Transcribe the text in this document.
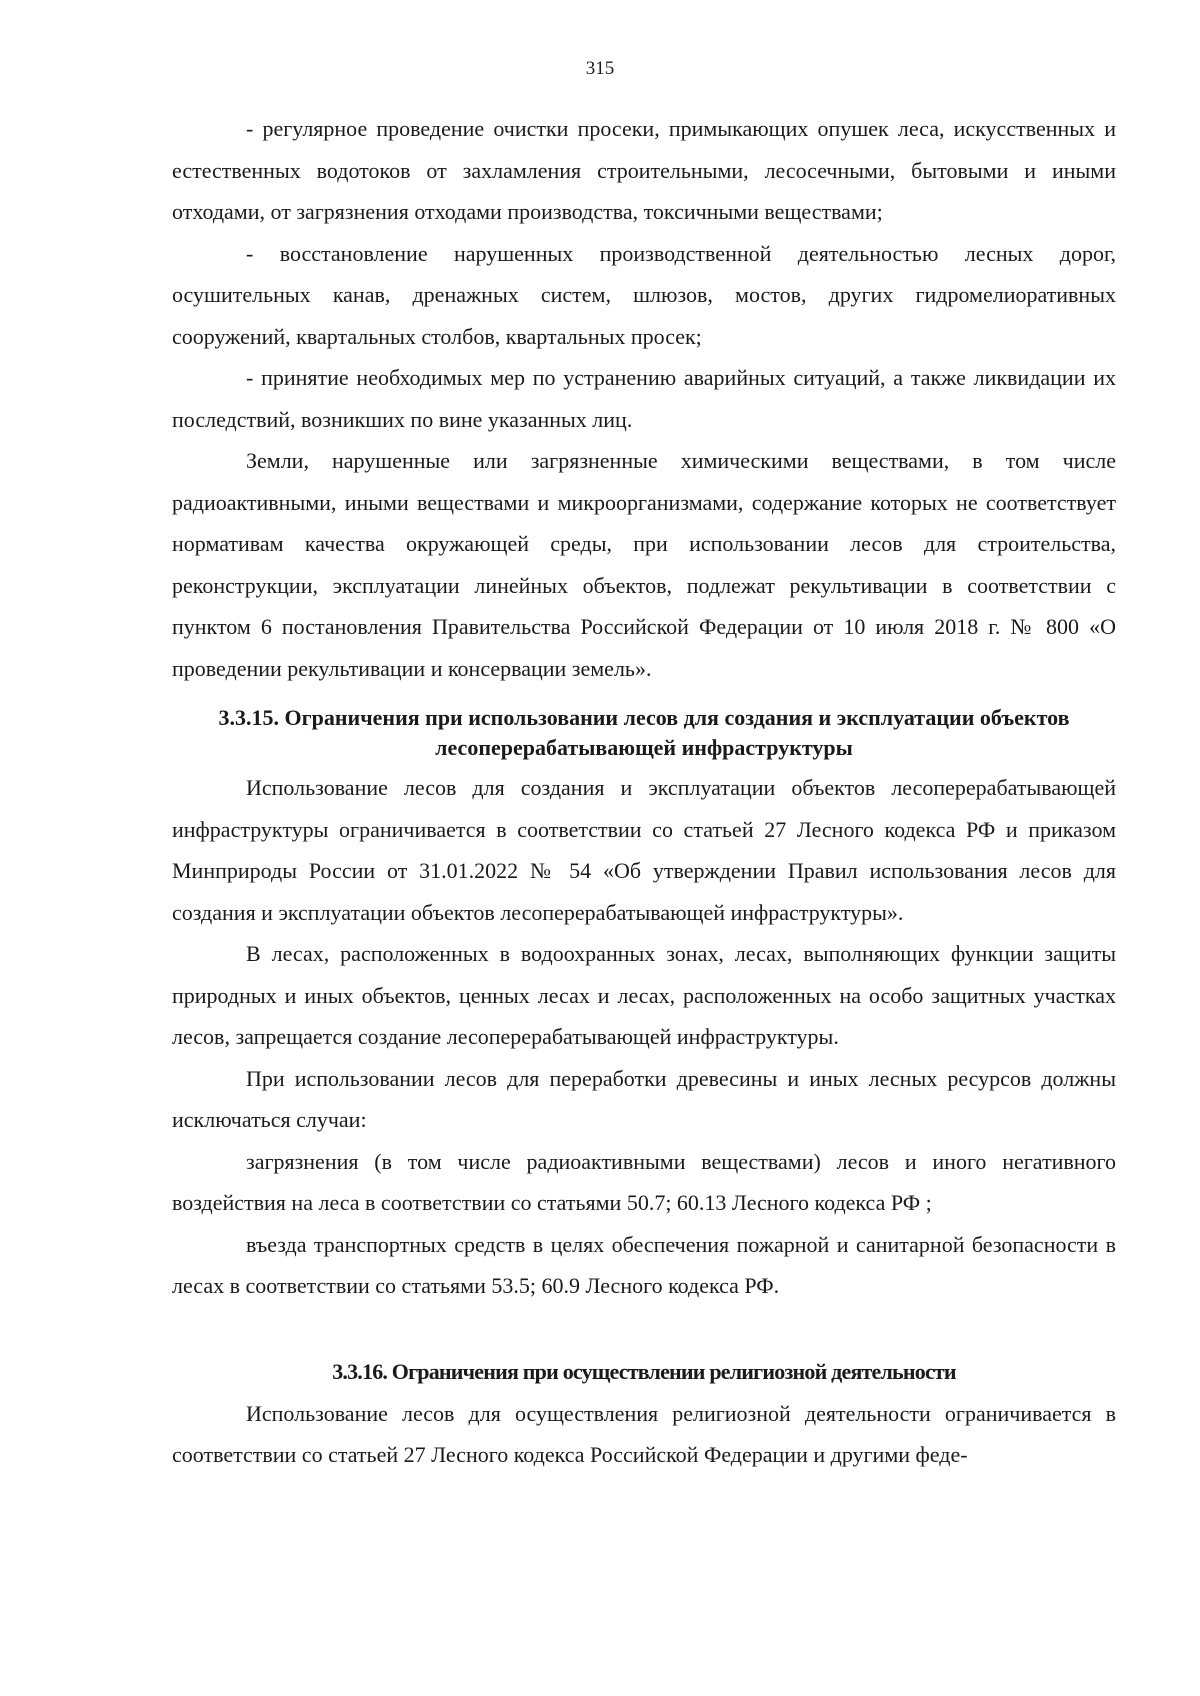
315

- регулярное проведение очистки просеки, примыкающих опушек леса, искусственных и естественных водотоков от захламления строительными, лесосечными, бытовыми и иными отходами, от загрязнения отходами производства, токсичными веществами;

- восстановление нарушенных производственной деятельностью лесных дорог, осушительных канав, дренажных систем, шлюзов, мостов, других гидромелиоративных сооружений, квартальных столбов, квартальных просек;

- принятие необходимых мер по устранению аварийных ситуаций, а также ликвидации их последствий, возникших по вине указанных лиц.

Земли, нарушенные или загрязненные химическими веществами, в том числе радиоактивными, иными веществами и микроорганизмами, содержание которых не соответствует нормативам качества окружающей среды, при использовании лесов для строительства, реконструкции, эксплуатации линейных объектов, подлежат рекультивации в соответствии с пунктом 6 постановления Правительства Российской Федерации от 10 июля 2018 г. № 800 «О проведении рекультивации и консервации земель».

3.3.15. Ограничения при использовании лесов для создания и эксплуатации объектов лесоперерабатывающей инфраструктуры

Использование лесов для создания и эксплуатации объектов лесоперерабатывающей инфраструктуры ограничивается в соответствии со статьей 27 Лесного кодекса РФ и приказом Минприроды России от 31.01.2022 № 54 «Об утверждении Правил использования лесов для создания и эксплуатации объектов лесоперерабатывающей инфраструктуры».

В лесах, расположенных в водоохранных зонах, лесах, выполняющих функции защиты природных и иных объектов, ценных лесах и лесах, расположенных на особо защитных участках лесов, запрещается создание лесоперерабатывающей инфраструктуры.

При использовании лесов для переработки древесины и иных лесных ресурсов должны исключаться случаи:

загрязнения (в том числе радиоактивными веществами) лесов и иного негативного воздействия на леса в соответствии со статьями 50.7; 60.13 Лесного кодекса РФ ;

въезда транспортных средств в целях обеспечения пожарной и санитарной безопасности в лесах в соответствии со статьями 53.5; 60.9 Лесного кодекса РФ.

3.3.16. Ограничения при осуществлении религиозной деятельности

Использование лесов для осуществления религиозной деятельности ограничивается в соответствии со статьей 27 Лесного кодекса Российской Федерации и другими феде-
